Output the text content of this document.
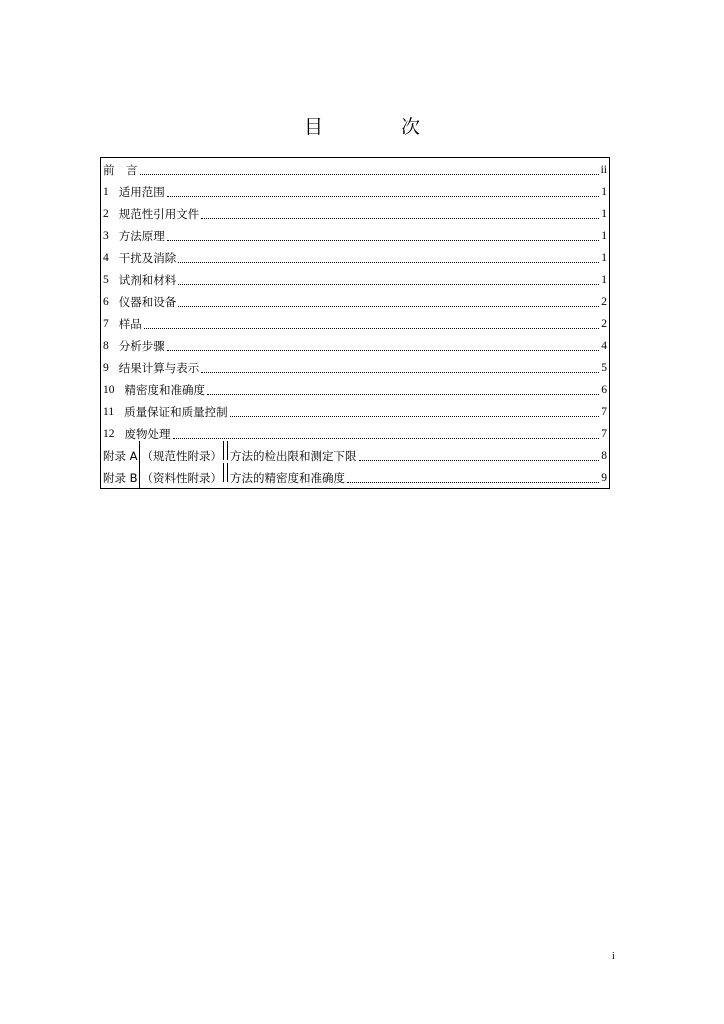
目 次
前　言	ii
1 适用范围	1
2 规范性引用文件	1
3 方法原理	1
4 干扰及消除	1
5 试剂和材料	1
6 仪器和设备	2
7 样品	2
8 分析步骤	4
9 结果计算与表示	5
10 精密度和准确度	6
11 质量保证和质量控制	7
12 废物处理	7
附录 A （规范性附录） 方法的检出限和测定下限	8
附录 B （资料性附录） 方法的精密度和准确度	9
i
